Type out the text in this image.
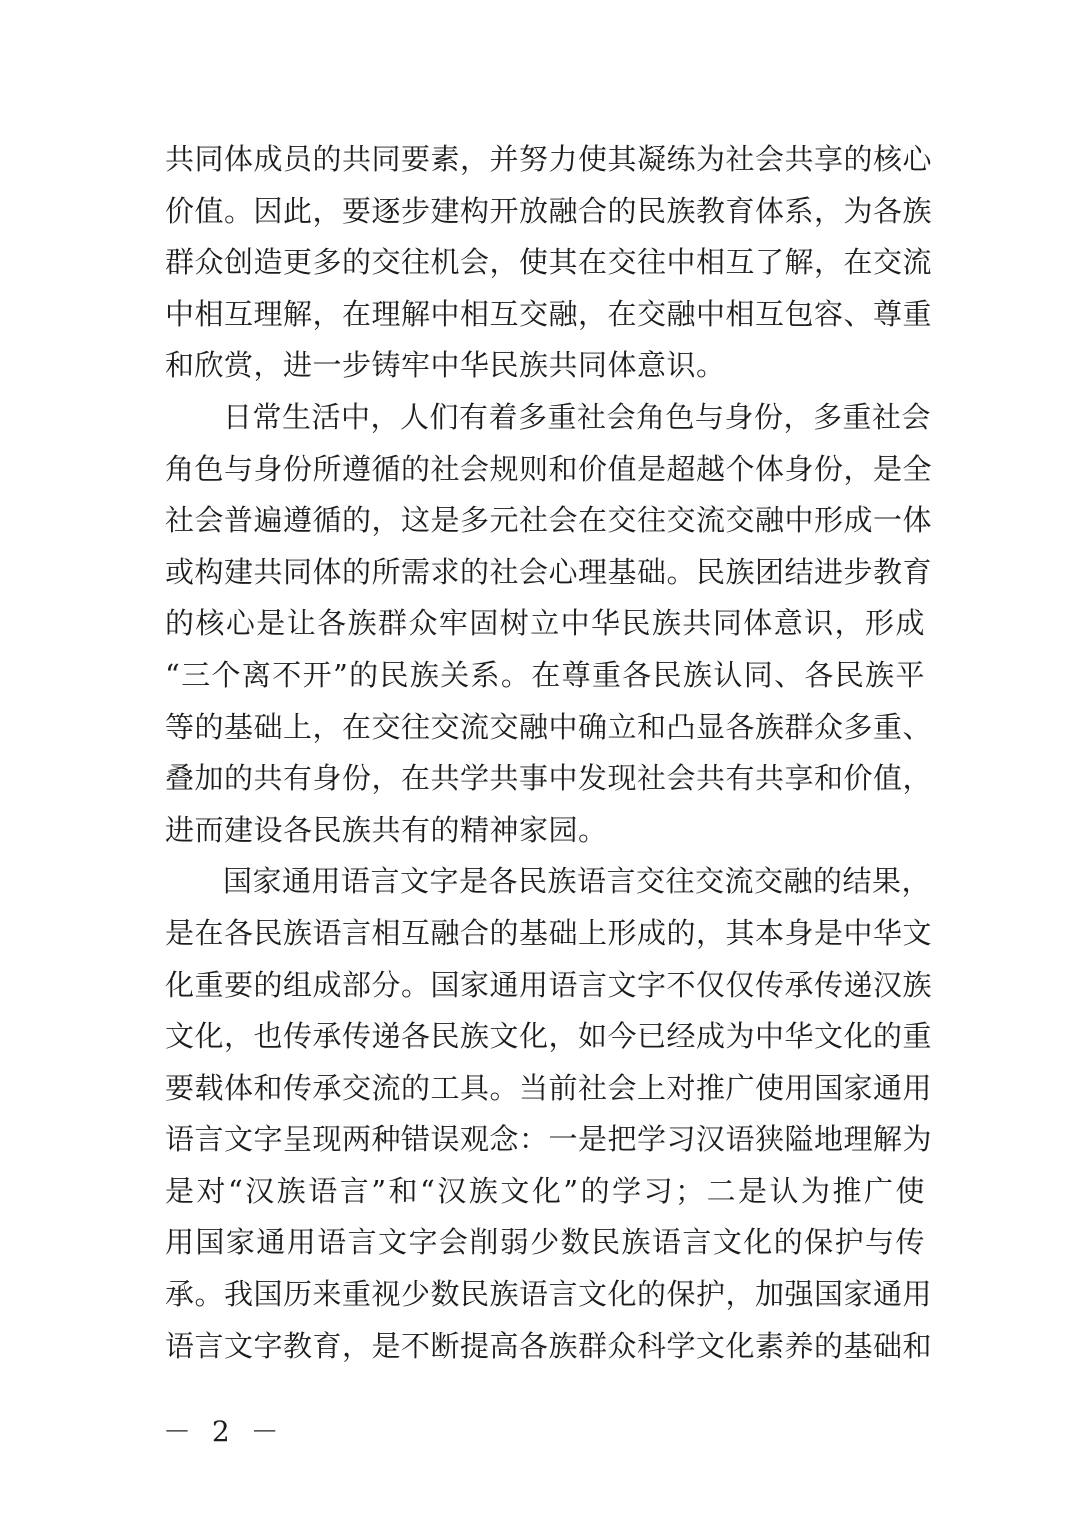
共同体成员的共同要素，并努力使其凝练为社会共享的核心
价值。因此，要逐步建构开放融合的民族教育体系，为各族
群众创造更多的交往机会，使其在交往中相互了解，在交流
中相互理解，在理解中相互交融，在交融中相互包容、尊重
和欣赏，进一步铸牢中华民族共同体意识。
日常生活中，人们有着多重社会角色与身份，多重社会
角色与身份所遵循的社会规则和价值是超越个体身份，是全
社会普遍遵循的，这是多元社会在交往交流交融中形成一体
或构建共同体的所需求的社会心理基础。民族团结进步教育
的核心是让各族群众牢固树立中华民族共同体意识，形成
“三个离不开”的民族关系。在尊重各民族认同、各民族平
等的基础上，在交往交流交融中确立和凸显各族群众多重、
叠加的共有身份，在共学共事中发现社会共有共享和价值，
进而建设各民族共有的精神家园。
国家通用语言文字是各民族语言交往交流交融的结果，
是在各民族语言相互融合的基础上形成的，其本身是中华文
化重要的组成部分。国家通用语言文字不仅仅传承传递汉族
文化，也传承传递各民族文化，如今已经成为中华文化的重
要载体和传承交流的工具。当前社会上对推广使用国家通用
语言文字呈现两种错误观念：一是把学习汉语狭隘地理解为
是对“汉族语言”和“汉族文化”的学习；二是认为推广使
用国家通用语言文字会削弱少数民族语言文化的保护与传
承。我国历来重视少数民族语言文化的保护，加强国家通用
语言文字教育，是不断提高各族群众科学文化素养的基础和
－ 2 －
